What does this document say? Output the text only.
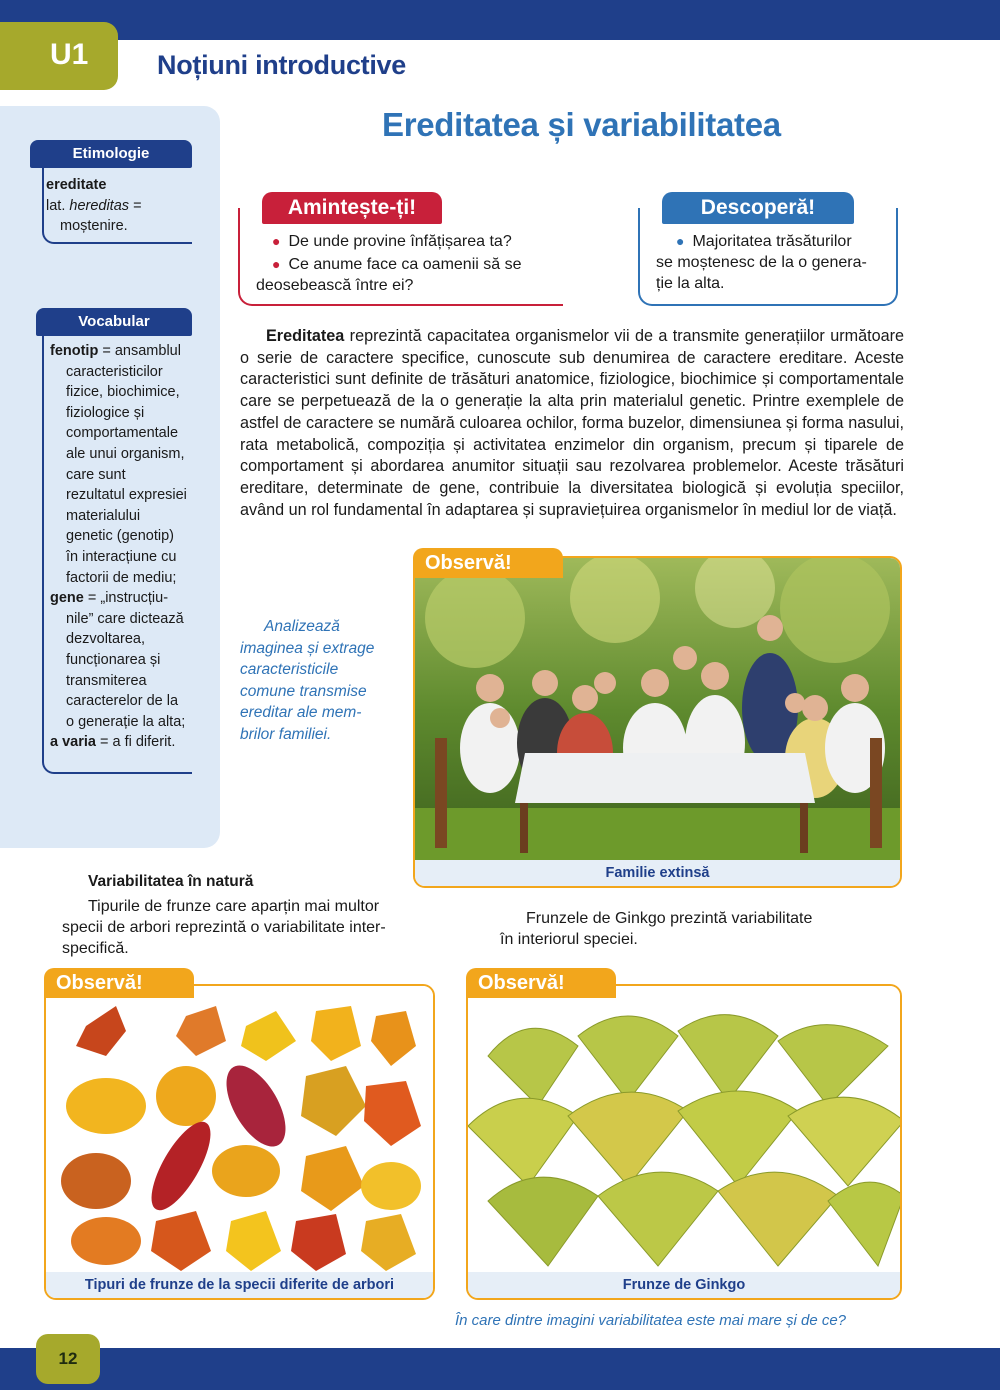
U1	Noțiuni introductive
Etimologie
ereditate
lat. hereditas =
moștenire.
Vocabular
fenotip = ansamblul
caracteristicilor
fizice, biochimice,
fiziologice și
comportamentale
ale unui organism,
care sunt
rezultatul expresiei
materialului
genetic (genotip)
în interacțiune cu
factorii de mediu;
gene = „instrucțiu-
nile” care dictează
dezvoltarea,
funcționarea și
transmiterea
caracterelor de la
o generație la alta;
a varia = a fi diferit.
Ereditatea și variabilitatea
Amintește-ți!
● De unde provine înfățișarea ta?
● Ce anume face ca oamenii să se
deosebească între ei?
Descoperă!
● Majoritatea trăsăturilor
se moștenesc de la o genera-
ție la alta.
Ereditatea reprezintă capacitatea organismelor vii de a transmite generațiilor următoare o serie de caractere specifice, cunoscute sub denumirea de caractere ereditare. Aceste caracteristici sunt definite de trăsături anatomice, fiziologice, biochimice și comportamentale care se perpetuează de la o generație la alta prin materialul genetic. Printre exemplele de astfel de caractere se numără culoarea ochilor, forma buzelor, dimensiunea și forma nasului, rata metabolică, compoziția și activitatea enzimelor din organism, precum și tiparele de comportament și abordarea anumitor situații sau rezolvarea problemelor. Aceste trăsături ereditare, determinate de gene, contribuie la diversitatea biologică și evoluția speciilor, având un rol fundamental în adaptarea și supraviețuirea organismelor în mediul lor de viață.
Familie extinsă
Observă!
Analizează
imaginea și extrage
caracteristicile
comune transmise
ereditar ale mem-
brilor familiei.
Variabilitatea în natură
Tipurile de frunze care aparțin mai multor
specii de arbori reprezintă o variabilitate inter-
specifică.
Frunzele de Ginkgo prezintă variabilitate
în interiorul speciei.
Tipuri de frunze de la specii diferite de arbori
Observă!
Frunze de Ginkgo
Observă!
În care dintre imagini variabilitatea este mai mare și de ce?
12
